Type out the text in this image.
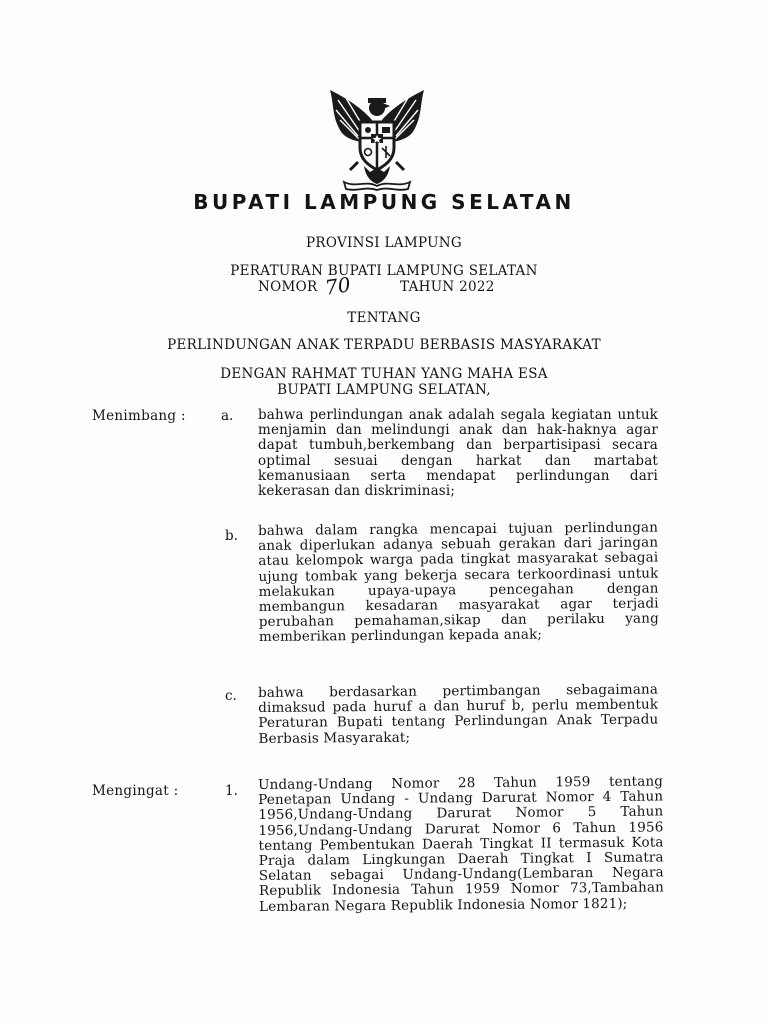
BUPATI LAMPUNG SELATAN
PROVINSI LAMPUNG
PERATURAN BUPATI LAMPUNG SELATAN
NOMOR 70	TAHUN 2022
TENTANG
PERLINDUNGAN ANAK TERPADU BERBASIS MASYARAKAT
DENGAN RAHMAT TUHAN YANG MAHA ESA
BUPATI LAMPUNG SELATAN,
Menimbang :	a. bahwa perlindungan anak adalah segala kegiatan untuk menjamin dan melindungi anak dan hak-haknya agar dapat tumbuh,berkembang dan berpartisipasi secara optimal sesuai dengan harkat dan martabat kemanusiaan serta mendapat perlindungan dari kekerasan dan diskriminasi;
b. bahwa dalam rangka mencapai tujuan perlindungan anak diperlukan adanya sebuah gerakan dari jaringan atau kelompok warga pada tingkat masyarakat sebagai ujung tombak yang bekerja secara terkoordinasi untuk melakukan upaya-upaya pencegahan dengan membangun kesadaran masyarakat agar terjadi perubahan pemahaman,sikap dan perilaku yang memberikan perlindungan kepada anak;
c. bahwa berdasarkan pertimbangan sebagaimana dimaksud pada huruf a dan huruf b, perlu membentuk Peraturan Bupati tentang Perlindungan Anak Terpadu Berbasis Masyarakat;
Mengingat :	1. Undang-Undang Nomor 28 Tahun 1959 tentang Penetapan Undang - Undang Darurat Nomor 4 Tahun 1956,Undang-Undang Darurat Nomor 5 Tahun 1956,Undang-Undang Darurat Nomor 6 Tahun 1956 tentang Pembentukan Daerah Tingkat II termasuk Kota Praja dalam Lingkungan Daerah Tingkat I Sumatra Selatan sebagai Undang-Undang(Lembaran Negara Republik Indonesia Tahun 1959 Nomor 73,Tambahan Lembaran Negara Republik Indonesia Nomor 1821);
